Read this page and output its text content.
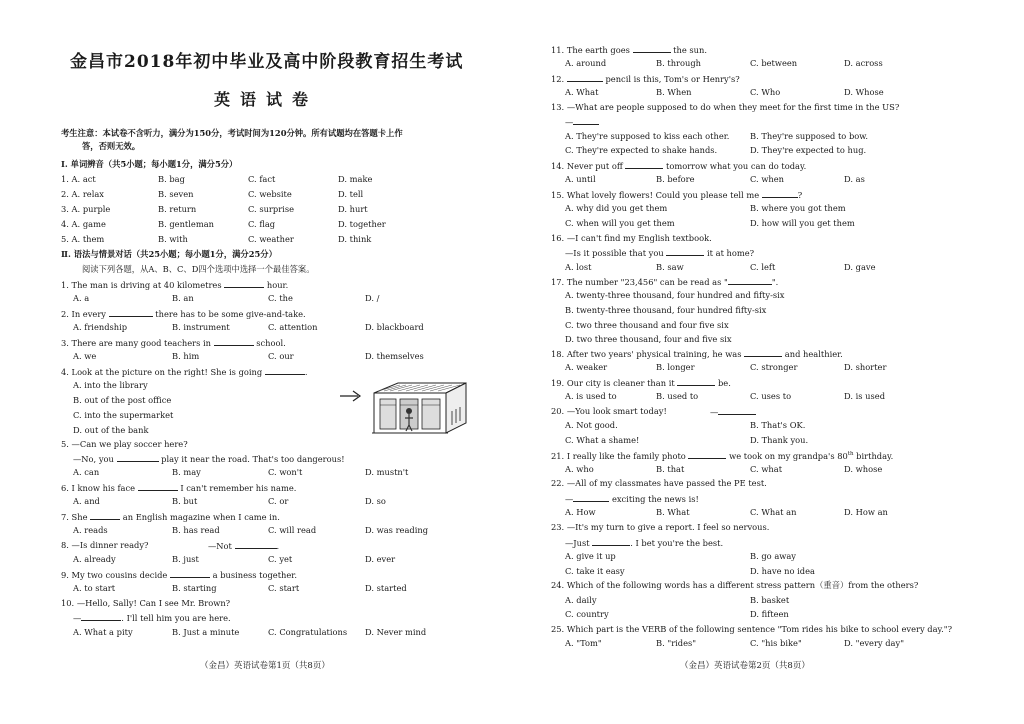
金昌市2018年初中毕业及高中阶段教育招生考试
英语试卷
考生注意：本试卷不含听力，满分为150分，考试时间为120分钟。所有试题均在答题卡上作
答，否则无效。
Ⅰ. 单词辨音（共5小题；每小题1分，满分5分）
1. A. act	B. bag	C. fact	D. make
2. A. relax	B. seven	C. website	D. tell
3. A. purple	B. return	C. surprise	D. hurt
4. A. game	B. gentleman	C. flag	D. together
5. A. them	B. with	C. weather	D. think
Ⅱ. 语法与情景对话（共25小题；每小题1分，满分25分）
阅读下列各题，从A、B、C、D四个选项中选择一个最佳答案。
1. The man is driving at 40 kilometres	hour.
A. a	B. an	C. the	D. /
2. In every	there has to be some give-and-take.
A. friendship	B. instrument	C. attention	D. blackboard
3. There are many good teachers in	school.
A. we	B. him	C. our	D. themselves
4. Look at the picture on the right! She is going	.
A. into the library
B. out of the post office
C. into the supermarket
D. out of the bank
5. —Can we play soccer here?
—No, you	play it near the road. That's too dangerous!
A. can	B. may	C. won't	D. mustn't
6. I know his face	I can't remember his name.
A. and	B. but	C. or	D. so
7. She	an English magazine when I came in.
A. reads	B. has read	C. will read	D. was reading
8. —Is dinner ready?	—Not	.
A. already	B. just	C. yet	D. ever
9. My two cousins decide	a business together.
A. to start	B. starting	C. start	D. started
10. —Hello, Sally! Can I see Mr. Brown?
—	. I'll tell him you are here.
A. What a pity	B. Just a minute	C. Congratulations D. Never mind
（金昌）英语试卷第1页（共8页）
11. The earth goes	the sun.
A. around	B. through	C. between	D. across
12.	pencil is this, Tom's or Henry's?
A. What	B. When	C. Who	D. Whose
13. —What are people supposed to do when they meet for the first time in the US?
—
A. They're supposed to kiss each other. B. They're supposed to bow.
C. They're expected to shake hands.	D. They're expected to hug.
14. Never put off	tomorrow what you can do today.
A. until	B. before	C. when	D. as
15. What lovely flowers! Could you please tell me	?
A. why did you get them	B. where you got them
C. when will you get them	D. how will you get them
16. —I can't find my English textbook.
—Is it possible that you	it at home?
A. lost	B. saw	C. left	D. gave
17. The number "23,456" can be read as "	".
A. twenty-three thousand, four hundred and fifty-six
B. twenty-three thousand, four hundred fifty-six
C. two three thousand and four five six
D. two three thousand, four and five six
18. After two years' physical training, he was	and healthier.
A. weaker	B. longer	C. stronger	D. shorter
19. Our city is cleaner than it	be.
A. is used to	B. used to	C. uses to	D. is used
20. —You look smart today!	—
A. Not good.	B. That's OK.
C. What a shame!	D. Thank you.
21. I really like the family photo	we took on my grandpa's 80th birthday.
A. who	B. that	C. what	D. whose
22. —All of my classmates have passed the PE test.
—	exciting the news is!
A. How	B. What	C. What an	D. How an
23. —It's my turn to give a report. I feel so nervous.
—Just	. I bet you're the best.
A. give it up	B. go away
C. take it easy	D. have no idea
24. Which of the following words has a different stress pattern（重音）from the others?
A. daily	B. basket
C. country	D. fifteen
25. Which part is the VERB of the following sentence "Tom rides his bike to school every day."?
A. "Tom"	B. "rides"	C. "his bike"	D. "every day"
（金昌）英语试卷第2页（共8页）
